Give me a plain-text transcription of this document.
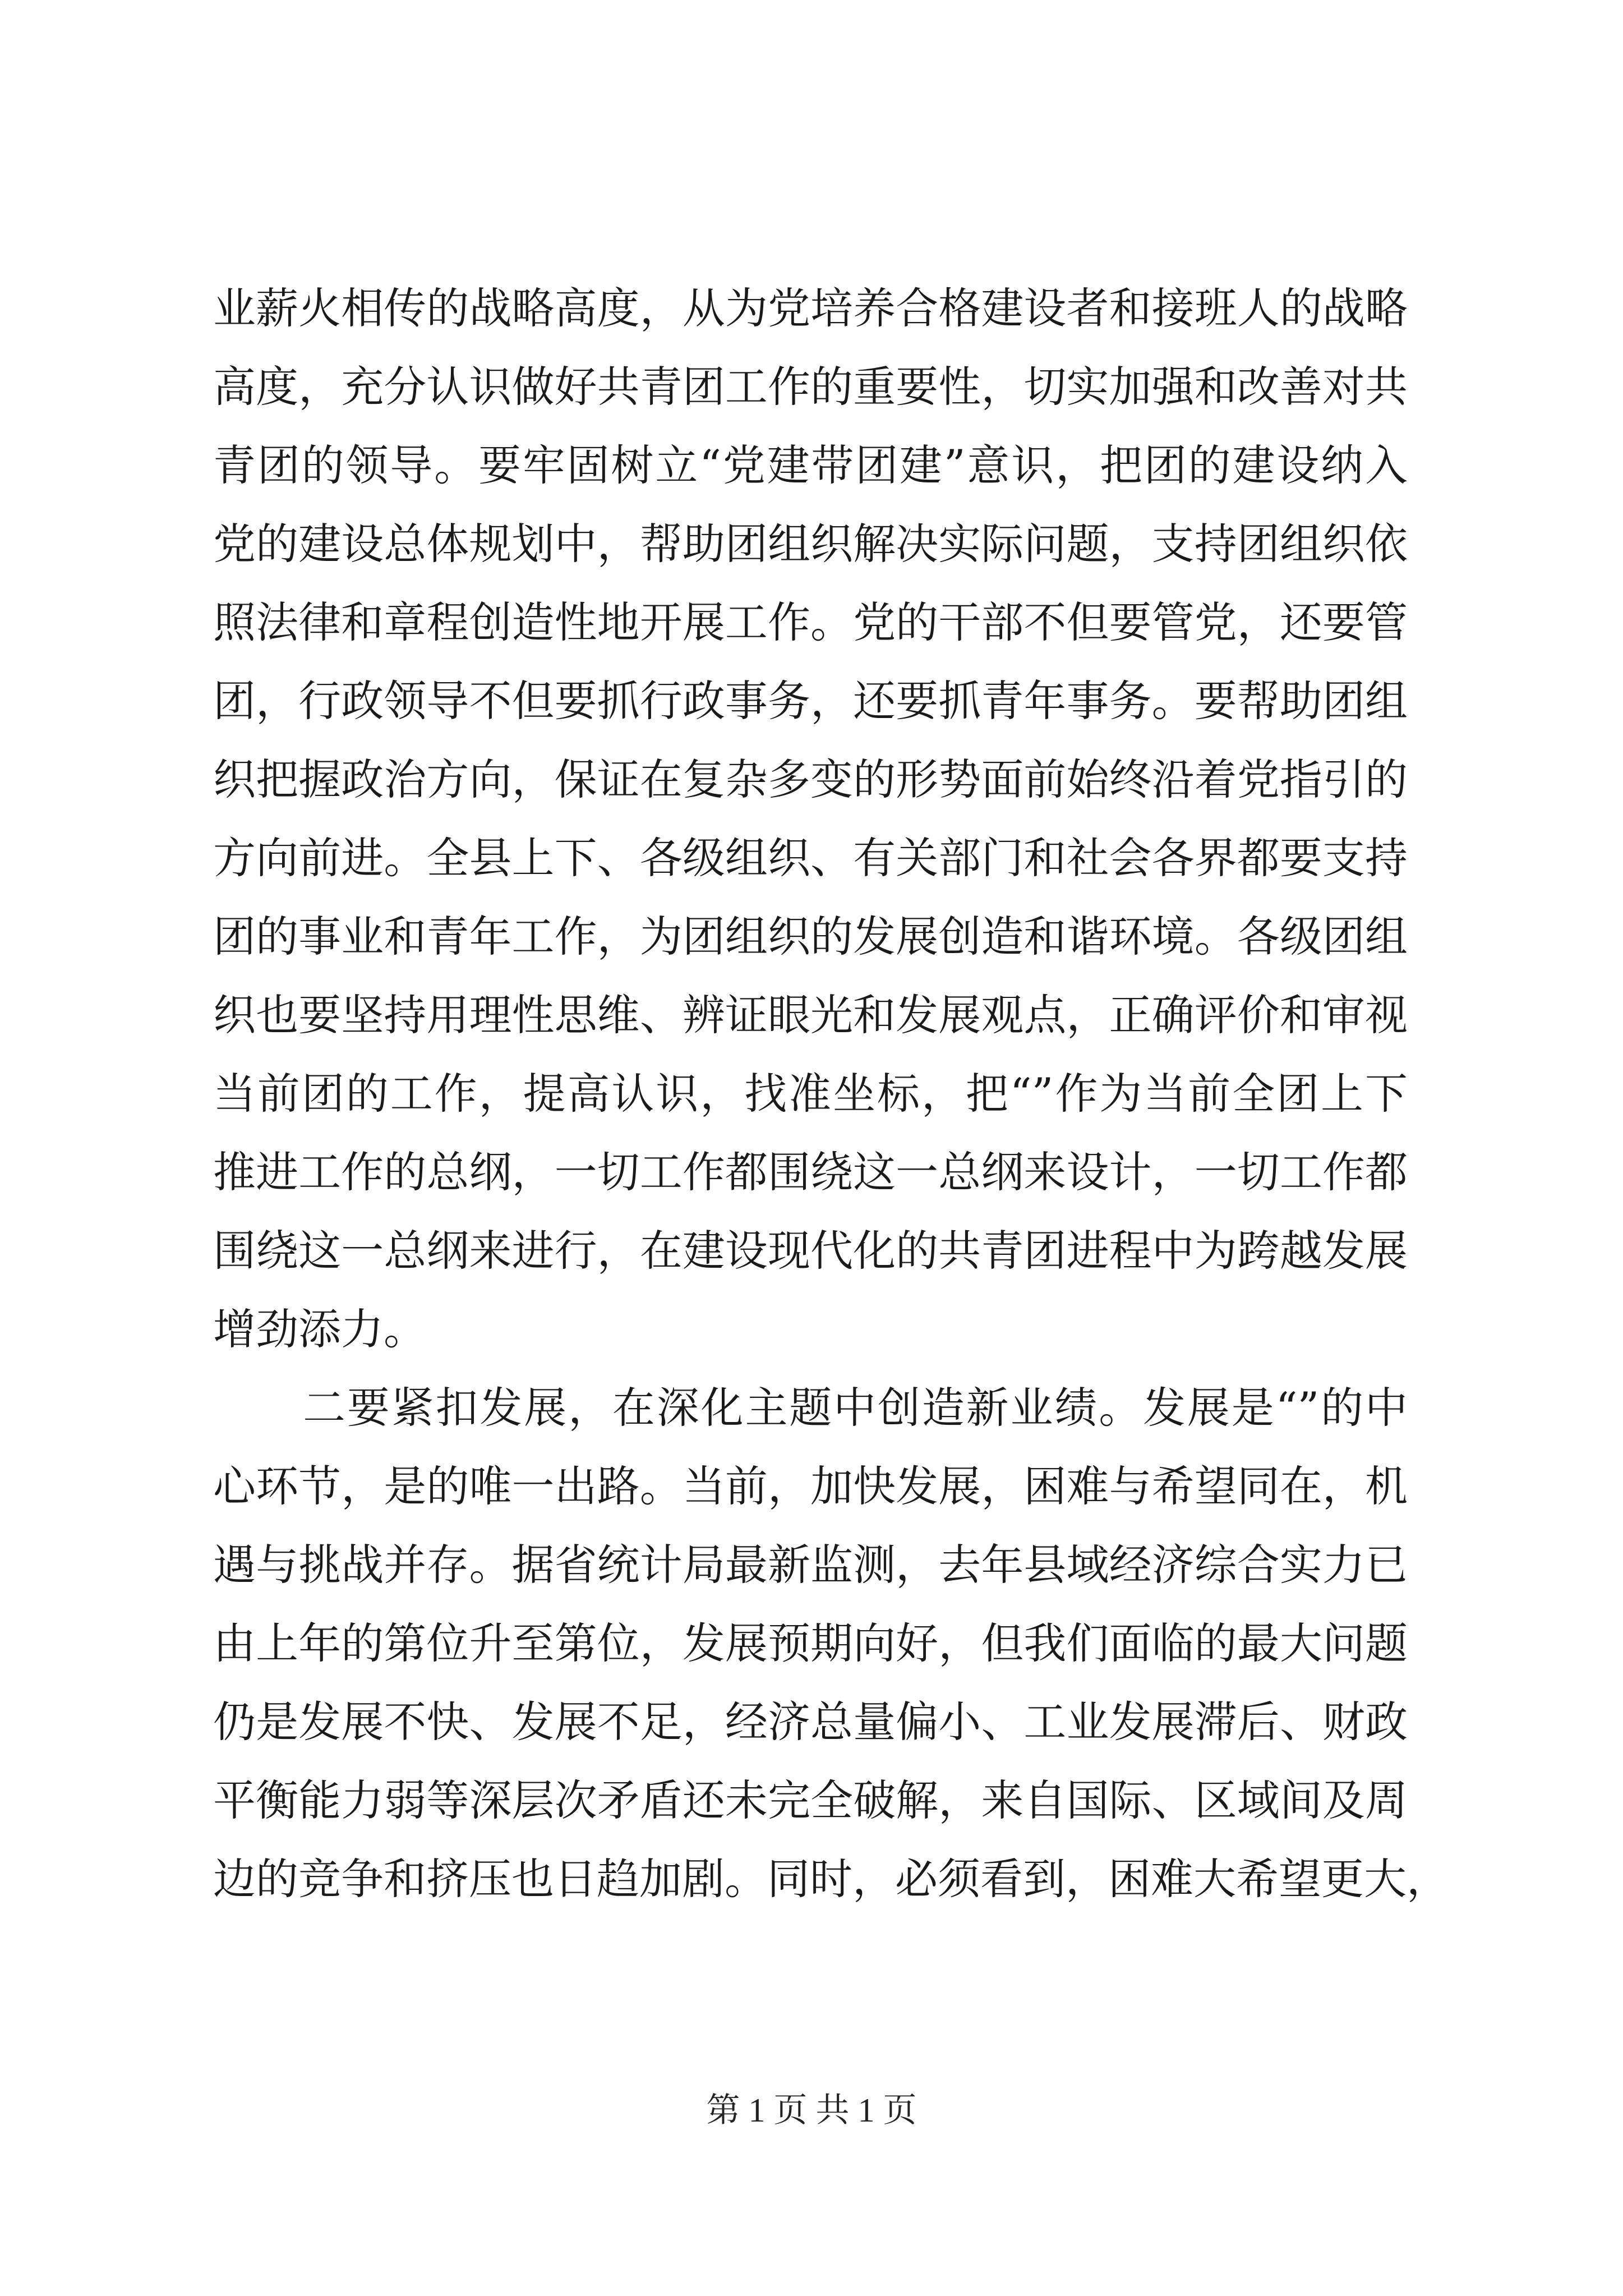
业薪火相传的战略高度，从为党培养合格建设者和接班人的战略
高度，充分认识做好共青团工作的重要性，切实加强和改善对共
青团的领导。要牢固树立“党建带团建”意识，把团的建设纳入
党的建设总体规划中，帮助团组织解决实际问题，支持团组织依
照法律和章程创造性地开展工作。党的干部不但要管党，还要管
团，行政领导不但要抓行政事务，还要抓青年事务。要帮助团组
织把握政治方向，保证在复杂多变的形势面前始终沿着党指引的
方向前进。全县上下、各级组织、有关部门和社会各界都要支持
团的事业和青年工作，为团组织的发展创造和谐环境。各级团组
织也要坚持用理性思维、辨证眼光和发展观点，正确评价和审视
当前团的工作，提高认识，找准坐标，把“”作为当前全团上下
推进工作的总纲，一切工作都围绕这一总纲来设计，一切工作都
围绕这一总纲来进行，在建设现代化的共青团进程中为跨越发展
增劲添力。
二要紧扣发展，在深化主题中创造新业绩。发展是“”的中
心环节，是的唯一出路。当前，加快发展，困难与希望同在，机
遇与挑战并存。据省统计局最新监测，去年县域经济综合实力已
由上年的第位升至第位，发展预期向好，但我们面临的最大问题
仍是发展不快、发展不足，经济总量偏小、工业发展滞后、财政
平衡能力弱等深层次矛盾还未完全破解，来自国际、区域间及周
边的竞争和挤压也日趋加剧。同时，必须看到，困难大希望更大，
第 1 页 共 1 页
